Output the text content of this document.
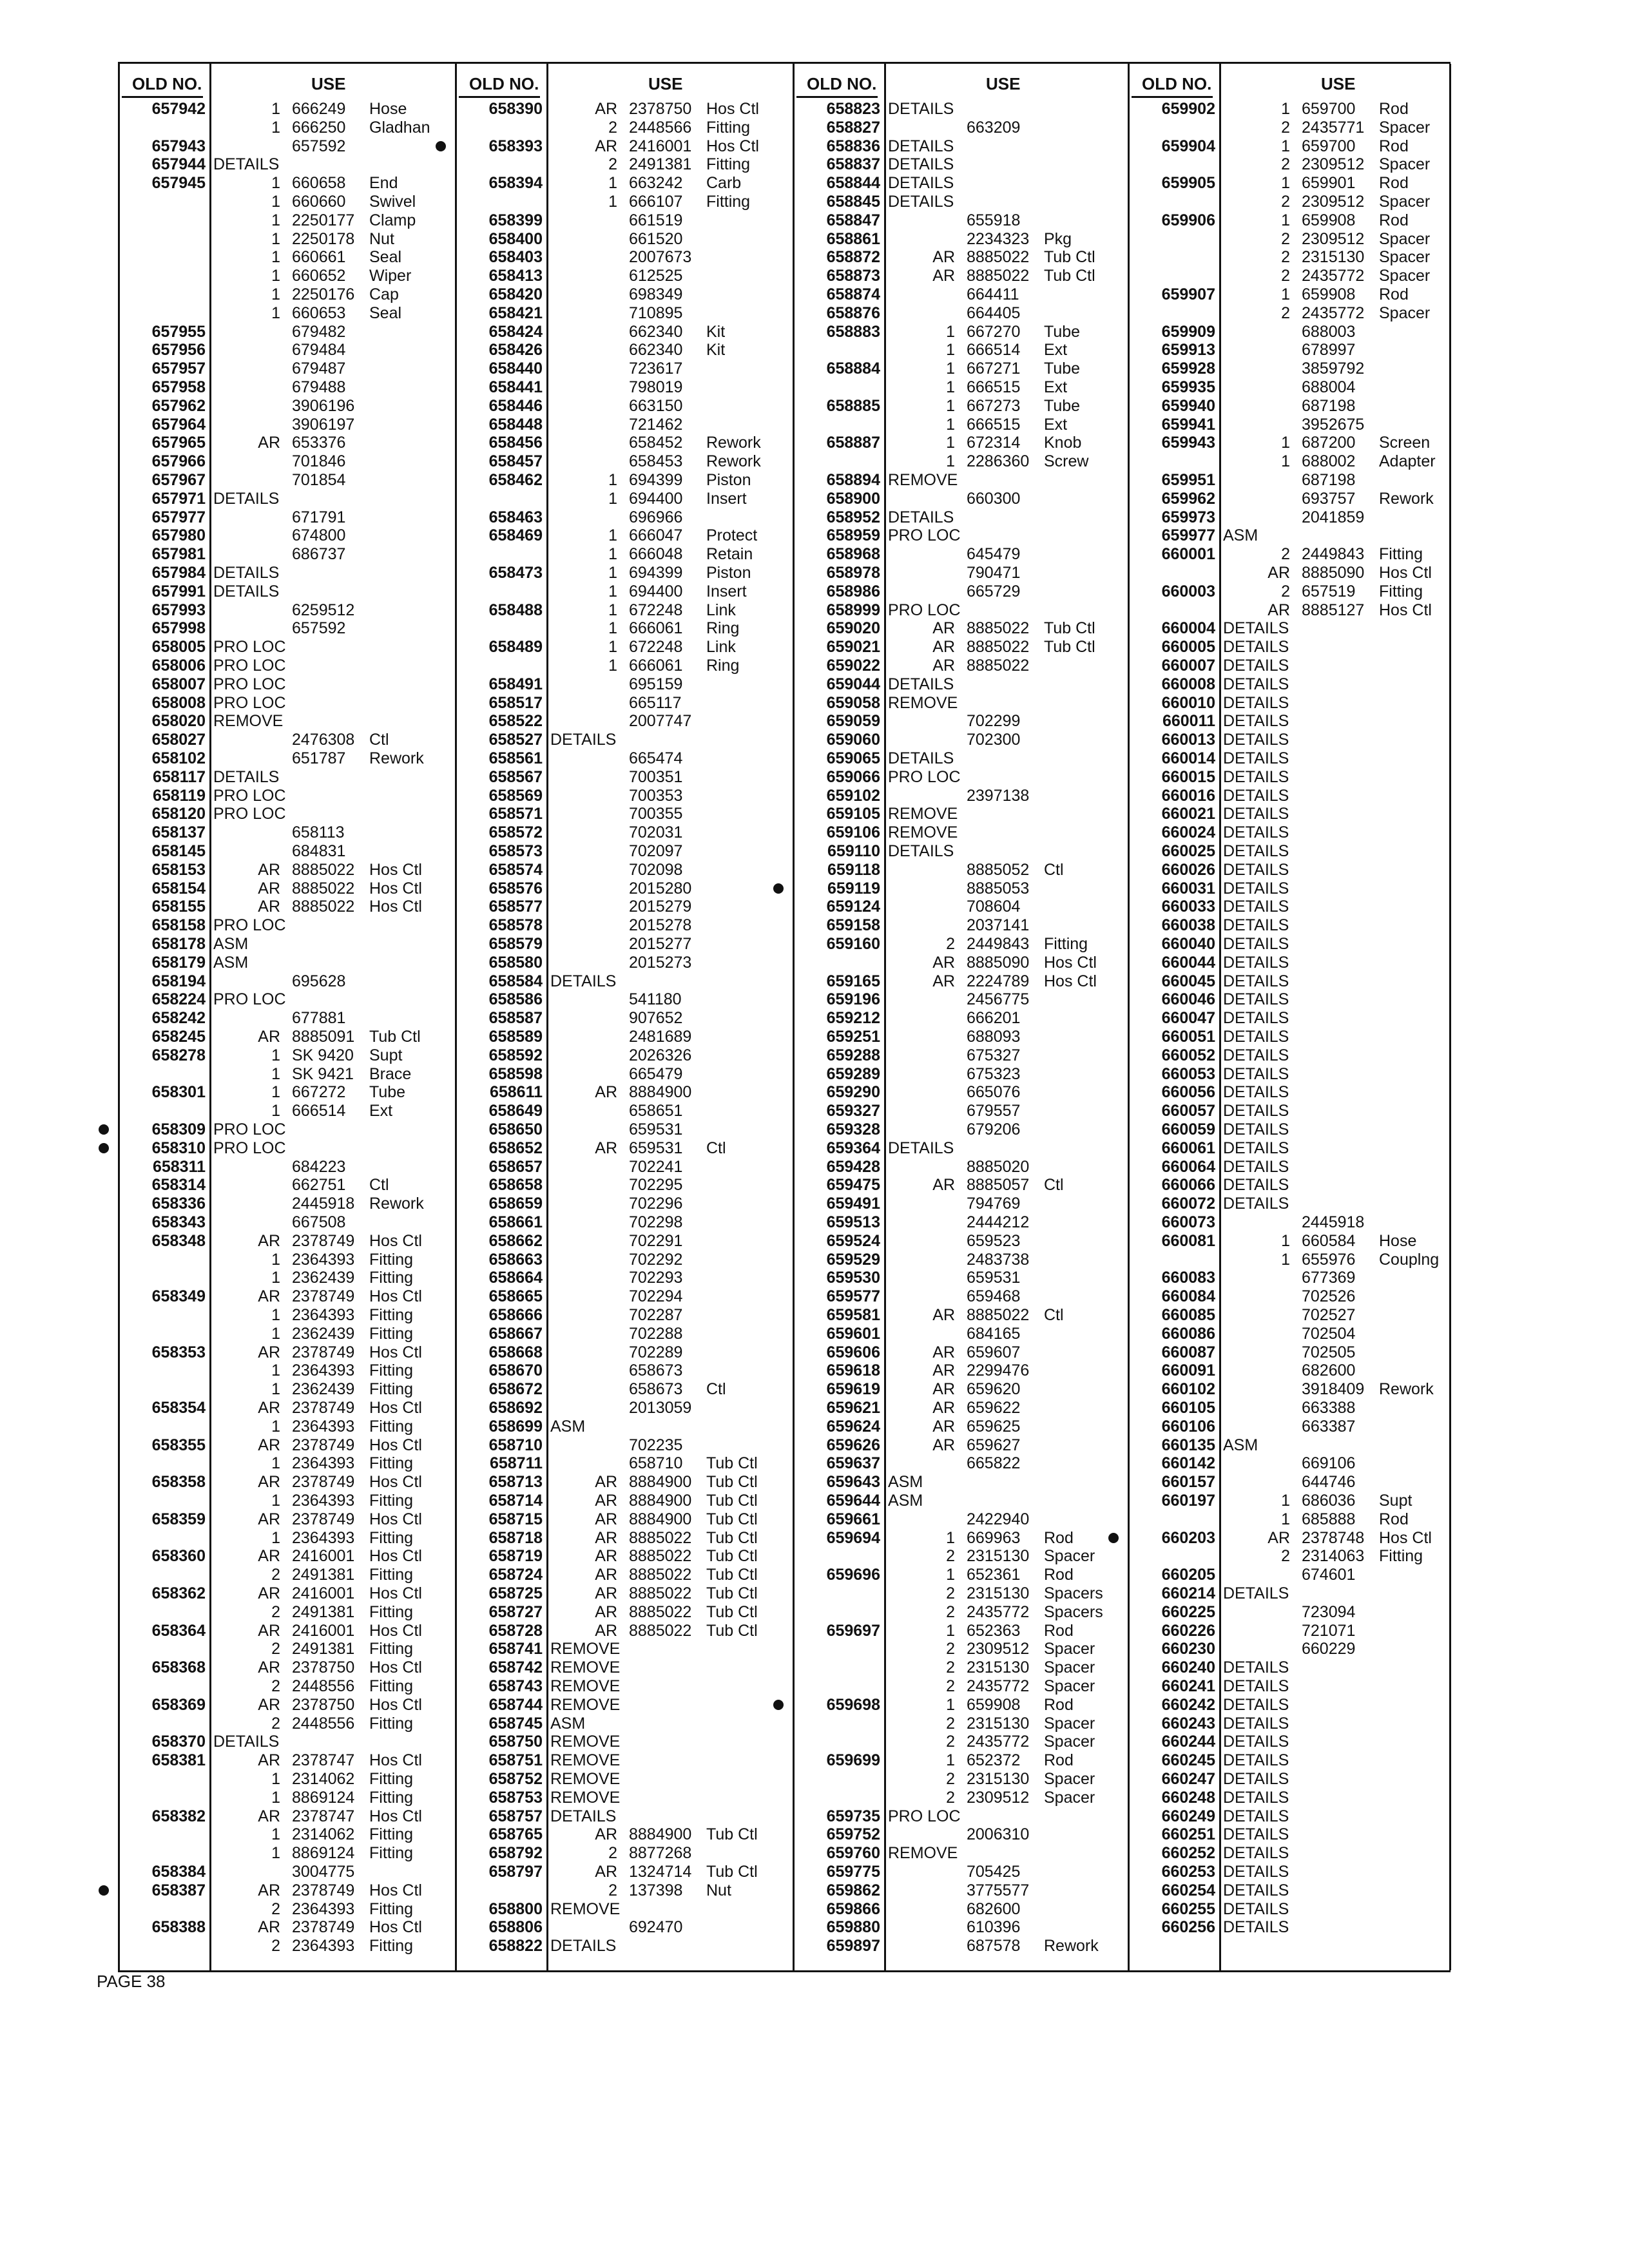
OLD NO.	USE
657942	1 666249 Hose
1 666250 Gladhan
657943	657592
657944 DETAILS
657945	1 660658 End
1 660660 Swivel
1 2250177 Clamp
1 2250178 Nut
1 660661 Seal
1 660652 Wiper
1 2250176 Cap
1 660653 Seal
657955	679482
657956	679484
657957	679487
657958	679488
657962	3906196
657964	3906197
657965	AR 653376
657966	701846
657967	701854
657971 DETAILS
657977	671791
657980	674800
657981	686737
657984 DETAILS
657991 DETAILS
657993	6259512
657998	657592
658005 PRO LOC
658006 PRO LOC
658007 PRO LOC
658008 PRO LOC
658020 REMOVE
658027	2476308 Ctl
658102	651787 Rework
658117 DETAILS
658119 PRO LOC
658120 PRO LOC
658137	658113
658145	684831
658153	AR 8885022 Hos Ctl
658154	AR 8885022 Hos Ctl
658155	AR 8885022 Hos Ctl
658158 PRO LOC
658178 ASM
658179 ASM
658194	695628
658224 PRO LOC
658242	677881
658245	AR 8885091 Tub Ctl
658278	1 SK 9420 Supt
1 SK 9421 Brace
658301	1 667272 Tube
1 666514 Ext
658309 PRO LOC
658310 PRO LOC
658311	684223
658314	662751 Ctl
658336	2445918 Rework
658343	667508
658348	AR 2378749 Hos Ctl
1 2364393 Fitting
1 2362439 Fitting
658349	AR 2378749 Hos Ctl
1 2364393 Fitting
1 2362439 Fitting
658353	AR 2378749 Hos Ctl
1 2364393 Fitting
1 2362439 Fitting
658354	AR 2378749 Hos Ctl
1 2364393 Fitting
658355	AR 2378749 Hos Ctl
1 2364393 Fitting
658358	AR 2378749 Hos Ctl
1 2364393 Fitting
658359	AR 2378749 Hos Ctl
1 2364393 Fitting
658360	AR 2416001 Hos Ctl
2 2491381 Fitting
658362	AR 2416001 Hos Ctl
2 2491381 Fitting
658364	AR 2416001 Hos Ctl
2 2491381 Fitting
658368	AR 2378750 Hos Ctl
2 2448556 Fitting
658369	AR 2378750 Hos Ctl
2 2448556 Fitting
658370 DETAILS
658381	AR 2378747 Hos Ctl
1 2314062 Fitting
1 8869124 Fitting
658382	AR 2378747 Hos Ctl
1 2314062 Fitting
1 8869124 Fitting
658384	3004775
658387	AR 2378749 Hos Ctl
2 2364393 Fitting
658388	AR 2378749 Hos Ctl
2 2364393 Fitting
OLD NO.	USE
658390	AR 2378750 Hos Ctl
2 2448566 Fitting
658393	AR 2416001 Hos Ctl
2 2491381 Fitting
658394	1 663242 Carb
1 666107 Fitting
658399	661519
658400	661520
658403	2007673
658413	612525
658420	698349
658421	710895
658424	662340 Kit
658426	662340 Kit
658440	723617
658441	798019
658446	663150
658448	721462
658456	658452 Rework
658457	658453 Rework
658462	1 694399 Piston
1 694400 Insert
658463	696966
658469	1 666047 Protect
1 666048 Retain
658473	1 694399 Piston
1 694400 Insert
658488	1 672248 Link
1 666061 Ring
658489	1 672248 Link
1 666061 Ring
658491	695159
658517	665117
658522	2007747
658527 DETAILS
658561	665474
658567	700351
658569	700353
658571	700355
658572	702031
658573	702097
658574	702098
658576	2015280
658577	2015279
658578	2015278
658579	2015277
658580	2015273
658584 DETAILS
658586	541180
658587	907652
658589	2481689
658592	2026326
658598	665479
658611	AR 8884900
658649	658651
658650	659531
658652	AR 659531 Ctl
658657	702241
658658	702295
658659	702296
658661	702298
658662	702291
658663	702292
658664	702293
658665	702294
658666	702287
658667	702288
658668	702289
658670	658673
658672	658673 Ctl
658692	2013059
658699 ASM
658710	702235
658711	658710 Tub Ctl
658713	AR 8884900 Tub Ctl
658714	AR 8884900 Tub Ctl
658715	AR 8884900 Tub Ctl
658718	AR 8885022 Tub Ctl
658719	AR 8885022 Tub Ctl
658724	AR 8885022 Tub Ctl
658725	AR 8885022 Tub Ctl
658727	AR 8885022 Tub Ctl
658728	AR 8885022 Tub Ctl
658741 REMOVE
658742 REMOVE
658743 REMOVE
658744 REMOVE
658745 ASM
658750 REMOVE
658751 REMOVE
658752 REMOVE
658753 REMOVE
658757 DETAILS
658765	AR 8884900 Tub Ctl
658792	2 8877268
658797	AR 1324714 Tub Ctl
2 137398 Nut
658800 REMOVE
658806	692470
658822 DETAILS
OLD NO.	USE
658823 DETAILS
658827	663209
658836 DETAILS
658837 DETAILS
658844 DETAILS
658845 DETAILS
658847	655918
658861	2234323 Pkg
658872	AR 8885022 Tub Ctl
658873	AR 8885022 Tub Ctl
658874	664411
658876	664405
658883	1 667270 Tube
1 666514 Ext
658884	1 667271 Tube
1 666515 Ext
658885	1 667273 Tube
1 666515 Ext
658887	1 672314 Knob
1 2286360 Screw
658894 REMOVE
658900	660300
658952 DETAILS
658959 PRO LOC
658968	645479
658978	790471
658986	665729
658999 PRO LOC
659020	AR 8885022 Tub Ctl
659021	AR 8885022 Tub Ctl
659022	AR 8885022
659044 DETAILS
659058 REMOVE
659059	702299
659060	702300
659065 DETAILS
659066 PRO LOC
659102	2397138
659105 REMOVE
659106 REMOVE
659110 DETAILS
659118	8885052 Ctl
659119	8885053
659124	708604
659158	2037141
659160	2 2449843 Fitting
AR 8885090 Hos Ctl
659165	AR 2224789 Hos Ctl
659196	2456775
659212	666201
659251	688093
659288	675327
659289	675323
659290	665076
659327	679557
659328	679206
659364 DETAILS
659428	8885020
659475	AR 8885057 Ctl
659491	794769
659513	2444212
659524	659523
659529	2483738
659530	659531
659577	659468
659581	AR 8885022 Ctl
659601	684165
659606	AR 659607
659618	AR 2299476
659619	AR 659620
659621	AR 659622
659624	AR 659625
659626	AR 659627
659637	665822
659643 ASM
659644 ASM
659661	2422940
659694	1 669963 Rod
2 2315130 Spacer
659696	1 652361 Rod
2 2315130 Spacers
2 2435772 Spacers
659697	1 652363 Rod
2 2309512 Spacer
2 2315130 Spacer
2 2435772 Spacer
659698	1 659908 Rod
2 2315130 Spacer
2 2435772 Spacer
659699	1 652372 Rod
2 2315130 Spacer
2 2309512 Spacer
659735 PRO LOC
659752	2006310
659760 REMOVE
659775	705425
659862	3775577
659866	682600
659880	610396
659897	687578 Rework
OLD NO.	USE
659902	1 659700 Rod
2 2435771 Spacer
659904	1 659700 Rod
2 2309512 Spacer
659905	1 659901 Rod
2 2309512 Spacer
659906	1 659908 Rod
2 2309512 Spacer
2 2315130 Spacer
2 2435772 Spacer
659907	1 659908 Rod
2 2435772 Spacer
659909	688003
659913	678997
659928	3859792
659935	688004
659940	687198
659941	3952675
659943	1 687200 Screen
1 688002 Adapter
659951	687198
659962	693757 Rework
659973	2041859
659977 ASM
660001	2 2449843 Fitting
AR 8885090 Hos Ctl
660003	2 657519 Fitting
AR 8885127 Hos Ctl
660004 DETAILS
660005 DETAILS
660007 DETAILS
660008 DETAILS
660010 DETAILS
660011 DETAILS
660013 DETAILS
660014 DETAILS
660015 DETAILS
660016 DETAILS
660021 DETAILS
660024 DETAILS
660025 DETAILS
660026 DETAILS
660031 DETAILS
660033 DETAILS
660038 DETAILS
660040 DETAILS
660044 DETAILS
660045 DETAILS
660046 DETAILS
660047 DETAILS
660051 DETAILS
660052 DETAILS
660053 DETAILS
660056 DETAILS
660057 DETAILS
660059 DETAILS
660061 DETAILS
660064 DETAILS
660066 DETAILS
660072 DETAILS
660073	2445918
660081	1 660584 Hose
1 655976 Couplng
660083	677369
660084	702526
660085	702527
660086	702504
660087	702505
660091	682600
660102	3918409 Rework
660105	663388
660106	663387
660135 ASM
660142	669106
660157	644746
660197	1 686036 Supt
1 685888 Rod
660203	AR 2378748 Hos Ctl
2 2314063 Fitting
660205	674601
660214 DETAILS
660225	723094
660226	721071
660230	660229
660240 DETAILS
660241 DETAILS
660242 DETAILS
660243 DETAILS
660244 DETAILS
660245 DETAILS
660247 DETAILS
660248 DETAILS
660249 DETAILS
660251 DETAILS
660252 DETAILS
660253 DETAILS
660254 DETAILS
660255 DETAILS
660256 DETAILS
PAGE 38
